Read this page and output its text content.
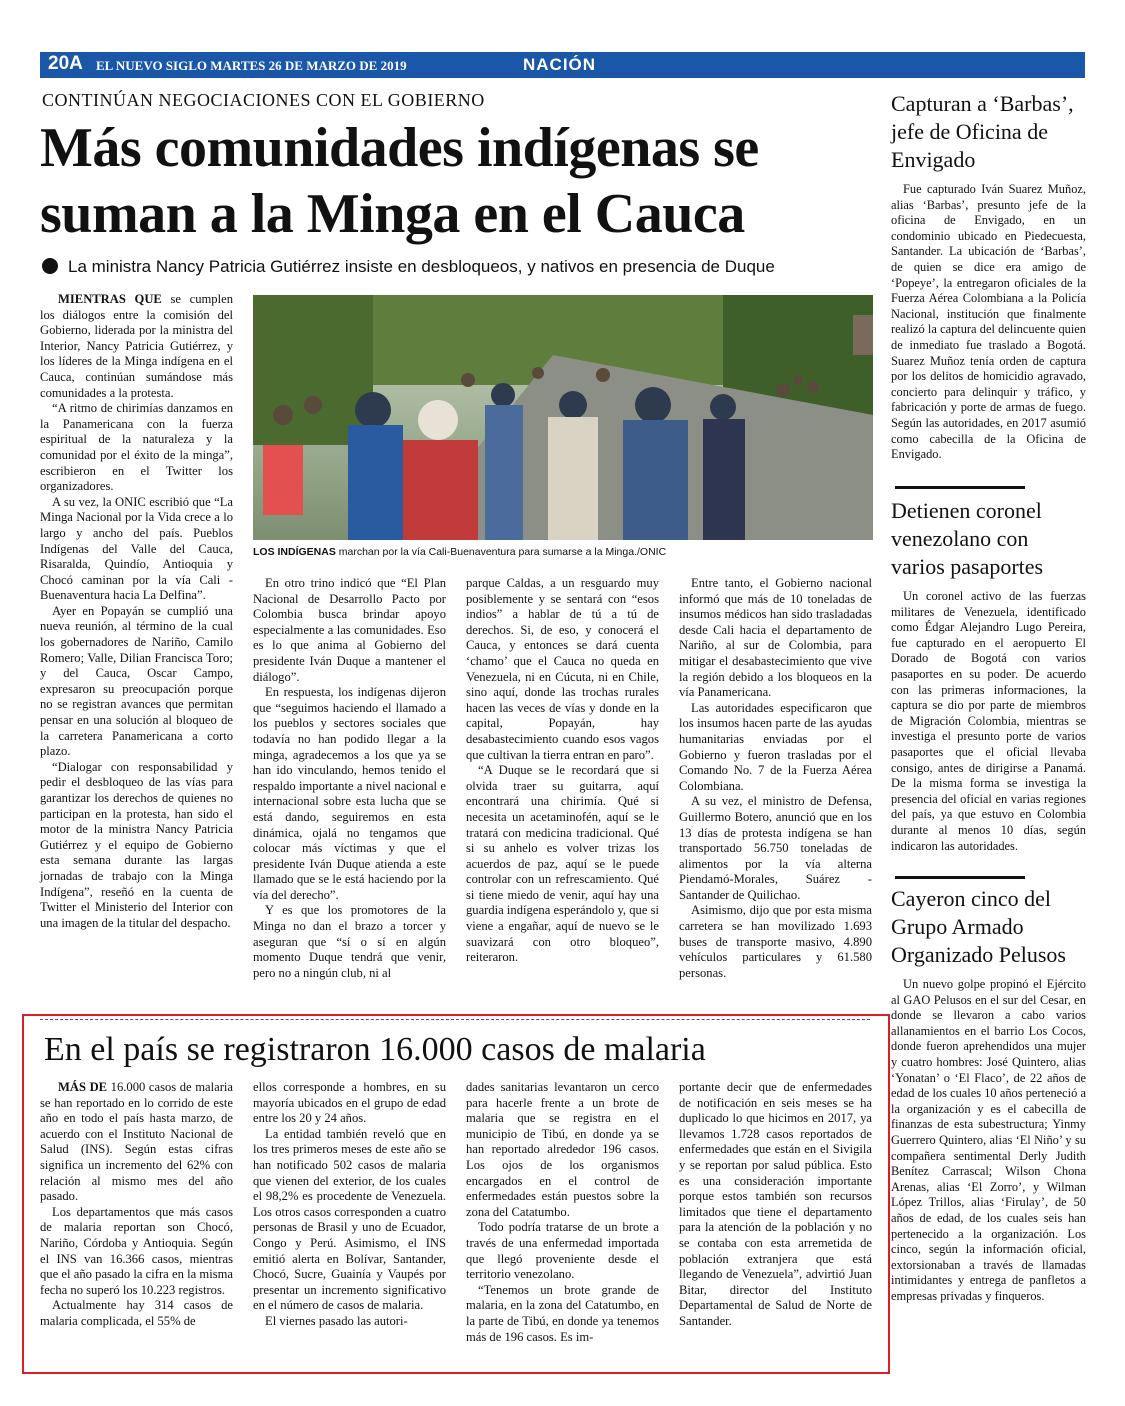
20A EL NUEVO SIGLO MARTES 26 DE MARZO DE 2019	NACIÓN
CONTINÚAN NEGOCIACIONES CON EL GOBIERNO
Más comunidades indígenas se suman a la Minga en el Cauca
La ministra Nancy Patricia Gutiérrez insiste en desbloqueos, y nativos en presencia de Duque

MIENTRAS QUE se cumplen los diálogos entre la comisión del Gobierno, liderada por la ministra del Interior, Nancy Patricia Gutiérrez, y los líderes de la Minga indígena en el Cauca, continúan sumándose más comunidades a la protesta.

“A ritmo de chirimías danzamos en la Panamericana con la fuerza espiritual de la naturaleza y la comunidad por el éxito de la minga”, escribieron en el Twitter los organizadores.

A su vez, la ONIC escribió que “La Minga Nacional por la Vida crece a lo largo y ancho del país. Pueblos Indígenas del Valle del Cauca, Risaralda, Quindío, Antioquia y Chocó caminan por la vía Cali - Buenaventura hacia La Delfina”.

Ayer en Popayán se cumplió una nueva reunión, al término de la cual los gobernadores de Nariño, Camilo Romero; Valle, Dilian Francisca Toro; y del Cauca, Oscar Campo, expresaron su preocupación porque no se registran avances que permitan pensar en una solución al bloqueo de la carretera Panamericana a corto plazo.

“Dialogar con responsabilidad y pedir el desbloqueo de las vías para garantizar los derechos de quienes no participan en la protesta, han sido el motor de la ministra Nancy Patricia Gutiérrez y el equipo de Gobierno esta semana durante las largas jornadas de trabajo con la Minga Indígena”, reseñó en la cuenta de Twitter el Ministerio del Interior con una imagen de la titular del despacho.

LOS INDÍGENAS marchan por la vía Cali-Buenaventura para sumarse a la Minga./ONIC

En otro trino indicó que “El Plan Nacional de Desarrollo Pacto por Colombia busca brindar apoyo especialmente a las comunidades. Eso es lo que anima al Gobierno del presidente Iván Duque a mantener el diálogo”.

En respuesta, los indígenas dijeron que “seguimos haciendo el llamado a los pueblos y sectores sociales que todavía no han podido llegar a la minga, agradecemos a los que ya se han ido vinculando, hemos tenido el respaldo importante a nivel nacional e internacional sobre esta lucha que se está dando, seguiremos en esta dinámica, ojalá no tengamos que colocar más víctimas y que el presidente Iván Duque atienda a este llamado que se le está haciendo por la vía del derecho”.

Y es que los promotores de la Minga no dan el brazo a torcer y aseguran que “sí o sí en algún momento Duque tendrá que venir, pero no a ningún club, ni al

parque Caldas, a un resguardo muy posiblemente y se sentará con “esos indios” a hablar de tú a tú de derechos. Si, de eso, y conocerá el Cauca, y entonces se dará cuenta ‘chamo’ que el Cauca no queda en Venezuela, ni en Cúcuta, ni en Chile, sino aquí, donde las trochas rurales hacen las veces de vías y donde en la capital, Popayán, hay desabastecimiento cuando esos vagos que cultivan la tierra entran en paro”.

“A Duque se le recordará que si olvida traer su guitarra, aquí encontrará una chirimía. Qué si necesita un acetaminofén, aquí se le tratará con medicina tradicional. Qué si su anhelo es volver trizas los acuerdos de paz, aquí se le puede controlar con un refrescamiento. Qué si tiene miedo de venir, aquí hay una guardia indígena esperándolo y, que si viene a engañar, aquí de nuevo se le suavizará con otro bloqueo”, reiteraron.

Entre tanto, el Gobierno nacional informó que más de 10 toneladas de insumos médicos han sido trasladadas desde Cali hacia el departamento de Nariño, al sur de Colombia, para mitigar el desabastecimiento que vive la región debido a los bloqueos en la vía Panamericana.

Las autoridades especificaron que los insumos hacen parte de las ayudas humanitarias enviadas por el Gobierno y fueron trasladas por el Comando No. 7 de la Fuerza Aérea Colombiana.

A su vez, el ministro de Defensa, Guillermo Botero, anunció que en los 13 días de protesta indígena se han transportado 56.750 toneladas de alimentos por la vía alterna Piendamó-Morales, Suárez -Santander de Quilichao.

Asimismo, dijo que por esta misma carretera se han movilizado 1.693 buses de transporte masivo, 4.890 vehículos particulares y 61.580 personas.

En el país se registraron 16.000 casos de malaria

MÁS DE 16.000 casos de malaria se han reportado en lo corrido de este año en todo el país hasta marzo, de acuerdo con el Instituto Nacional de Salud (INS). Según estas cifras significa un incremento del 62% con relación al mismo mes del año pasado.

Los departamentos que más casos de malaria reportan son Chocó, Nariño, Córdoba y Antioquia. Según el INS van 16.366 casos, mientras que el año pasado la cifra en la misma fecha no superó los 10.223 registros.

Actualmente hay 314 casos de malaria complicada, el 55% de

ellos corresponde a hombres, en su mayoría ubicados en el grupo de edad entre los 20 y 24 años.

La entidad también reveló que en los tres primeros meses de este año se han notificado 502 casos de malaria que vienen del exterior, de los cuales el 98,2% es procedente de Venezuela. Los otros casos corresponden a cuatro personas de Brasil y uno de Ecuador, Congo y Perú. Asimismo, el INS emitió alerta en Bolívar, Santander, Chocó, Sucre, Guainía y Vaupés por presentar un incremento significativo en el número de casos de malaria.

El viernes pasado las autori-

dades sanitarias levantaron un cerco para hacerle frente a un brote de malaria que se registra en el municipio de Tibú, en donde ya se han reportado alrededor 196 casos. Los ojos de los organismos encargados en el control de enfermedades están puestos sobre la zona del Catatumbo.

Todo podría tratarse de un brote a través de una enfermedad importada que llegó proveniente desde el territorio venezolano.

“Tenemos un brote grande de malaria, en la zona del Catatumbo, en la parte de Tibú, en donde ya tenemos más de 196 casos. Es im-

portante decir que de enfermedades de notificación en seis meses se ha duplicado lo que hicimos en 2017, ya llevamos 1.728 casos reportados de enfermedades que están en el Sivigila y se reportan por salud pública. Esto es una consideración importante porque estos también son recursos limitados que tiene el departamento para la atención de la población y no se contaba con esta arremetida de población extranjera que está llegando de Venezuela”, advirtió Juan Bitar, director del Instituto Departamental de Salud de Norte de Santander.

Capturan a ‘Barbas’, jefe de Oficina de Envigado

Fue capturado Iván Suarez Muñoz, alias ‘Barbas’, presunto jefe de la oficina de Envigado, en un condominio ubicado en Piedecuesta, Santander. La ubicación de ‘Barbas’, de quien se dice era amigo de ‘Popeye’, la entregaron oficiales de la Fuerza Aérea Colombiana a la Policía Nacional, institución que finalmente realizó la captura del delincuente quien de inmediato fue traslado a Bogotá. Suarez Muñoz tenía orden de captura por los delitos de homicidio agravado, concierto para delinquir y tráfico, y fabricación y porte de armas de fuego. Según las autoridades, en 2017 asumió como cabecilla de la Oficina de Envigado.

Detienen coronel venezolano con varios pasaportes

Un coronel activo de las fuerzas militares de Venezuela, identificado como Édgar Alejandro Lugo Pereira, fue capturado en el aeropuerto El Dorado de Bogotá con varios pasaportes en su poder. De acuerdo con las primeras informaciones, la captura se dio por parte de miembros de Migración Colombia, mientras se investiga el presunto porte de varios pasaportes que el oficial llevaba consigo, antes de dirigirse a Panamá. De la misma forma se investiga la presencia del oficial en varias regiones del país, ya que estuvo en Colombia durante al menos 10 días, según indicaron las autoridades.

Cayeron cinco del Grupo Armado Organizado Pelusos

Un nuevo golpe propinó el Ejército al GAO Pelusos en el sur del Cesar, en donde se llevaron a cabo varios allanamientos en el barrio Los Cocos, donde fueron aprehendidos una mujer y cuatro hombres: José Quintero, alias ‘Yonatan’ o ‘El Flaco’, de 22 años de edad de los cuales 10 años perteneció a la organización y es el cabecilla de finanzas de esta subestructura; Yinmy Guerrero Quintero, alias ‘El Niño’ y su compañera sentimental Derly Judith Benítez Carrascal; Wilson Chona Arenas, alias ‘El Zorro’, y Wilman López Trillos, alias ‘Firulay’, de 50 años de edad, de los cuales seis han pertenecido a la organización. Los cinco, según la información oficial, extorsionaban a través de llamadas intimidantes y entrega de panfletos a empresas privadas y finqueros.
